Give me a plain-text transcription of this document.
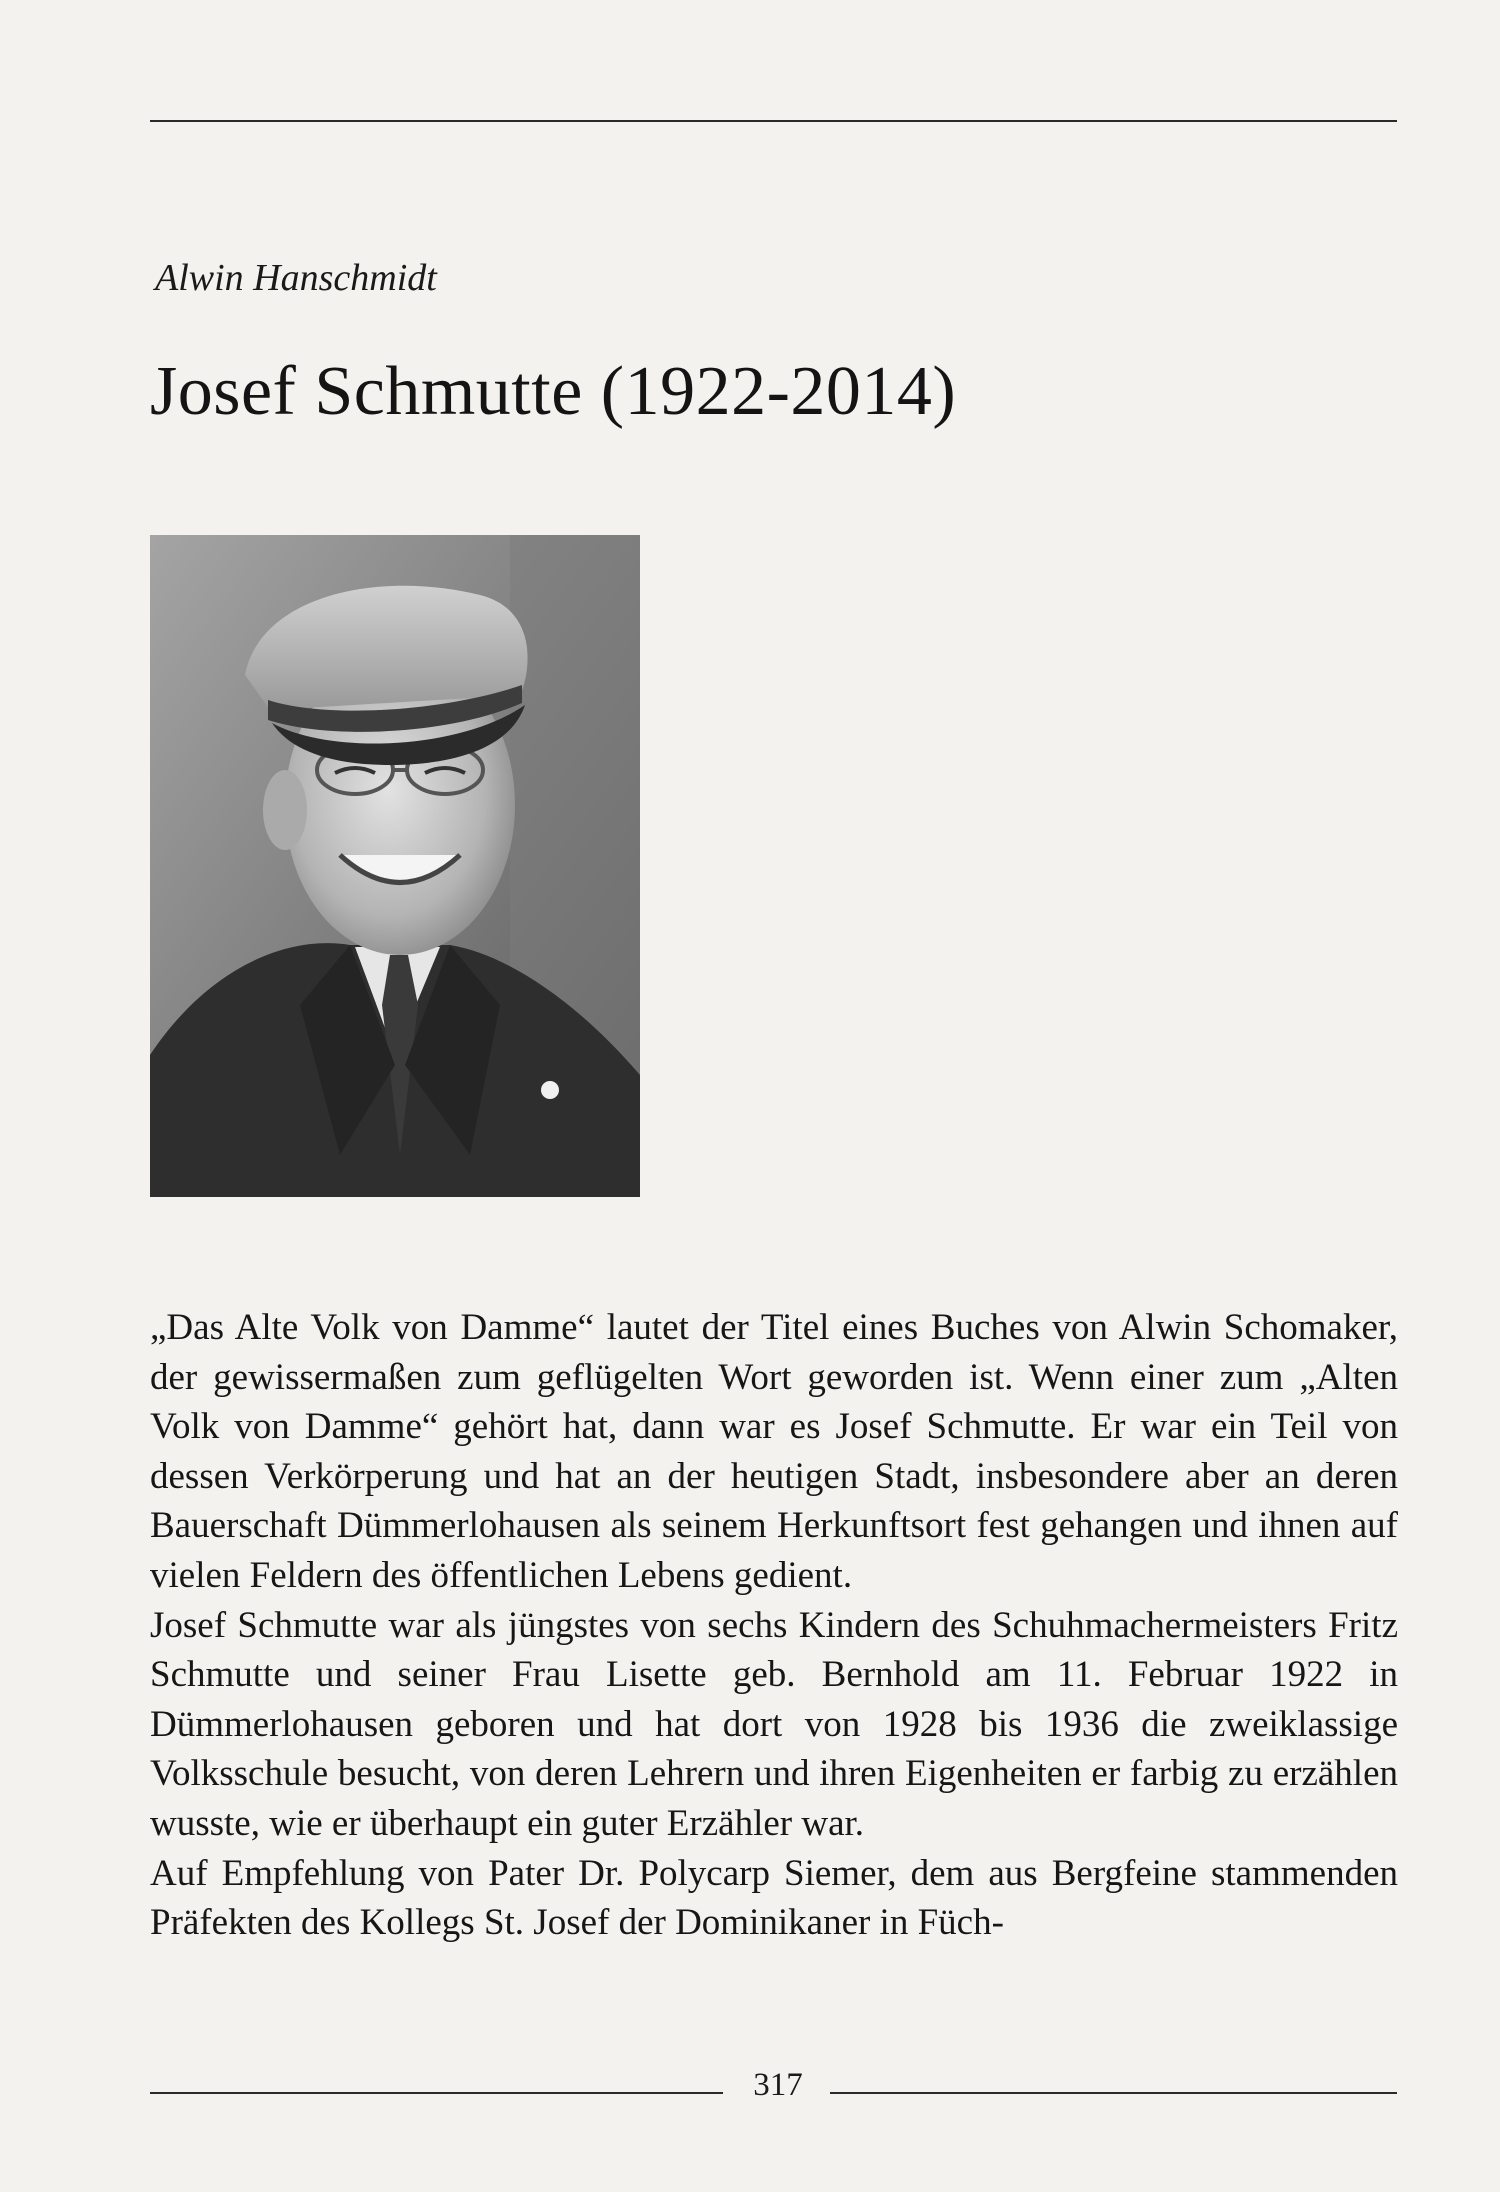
Alwin Hanschmidt
Josef Schmutte (1922-2014)

„Das Alte Volk von Damme“ lautet der Titel eines Buches von Alwin Schomaker, der gewissermaßen zum geflügelten Wort geworden ist. Wenn einer zum „Alten Volk von Damme“ gehört hat, dann war es Josef Schmutte. Er war ein Teil von dessen Verkörperung und hat an der heutigen Stadt, insbesondere aber an deren Bauerschaft Dümmerlohausen als seinem Herkunftsort fest gehangen und ihnen auf vielen Feldern des öffentlichen Lebens gedient.

Josef Schmutte war als jüngstes von sechs Kindern des Schuhmachermeisters Fritz Schmutte und seiner Frau Lisette geb. Bernhold am 11. Februar 1922 in Dümmerlohausen geboren und hat dort von 1928 bis 1936 die zweiklassige Volksschule besucht, von deren Lehrern und ihren Eigenheiten er farbig zu erzählen wusste, wie er überhaupt ein guter Erzähler war.

Auf Empfehlung von Pater Dr. Polycarp Siemer, dem aus Bergfeine stammenden Präfekten des Kollegs St. Josef der Dominikaner in Füch-

317
